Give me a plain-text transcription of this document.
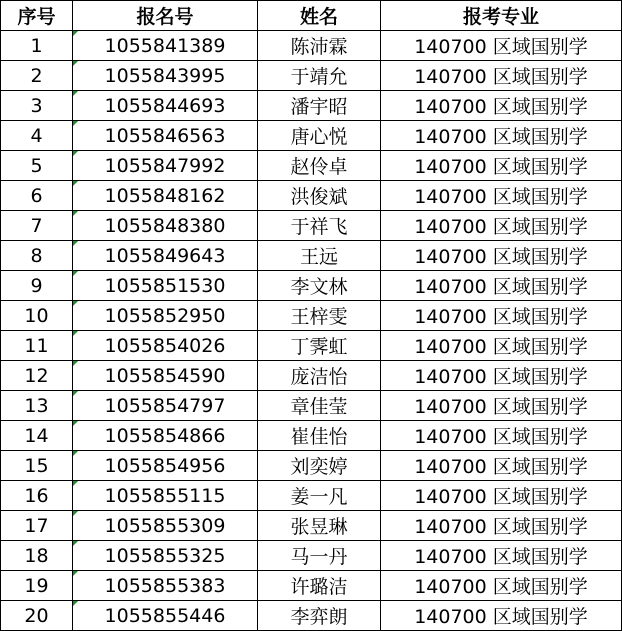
序号	报名号	姓名	报考专业
1	1055841389	陈沛霖	140700 区域国别学
2	1055843995	于靖允	140700 区域国别学
3	1055844693	潘宇昭	140700 区域国别学
4	1055846563	唐心悦	140700 区域国别学
5	1055847992	赵伶卓	140700 区域国别学
6	1055848162	洪俊斌	140700 区域国别学
7	1055848380	于祥飞	140700 区域国别学
8	1055849643	王远	140700 区域国别学
9	1055851530	李文林	140700 区域国别学
10	1055852950	王梓雯	140700 区域国别学
11	1055854026	丁霁虹	140700 区域国别学
12	1055854590	庞洁怡	140700 区域国别学
13	1055854797	章佳莹	140700 区域国别学
14	1055854866	崔佳怡	140700 区域国别学
15	1055854956	刘奕婷	140700 区域国别学
16	1055855115	姜一凡	140700 区域国别学
17	1055855309	张昱琳	140700 区域国别学
18	1055855325	马一丹	140700 区域国别学
19	1055855383	许璐洁	140700 区域国别学
20	1055855446	李弈朗	140700 区域国别学
